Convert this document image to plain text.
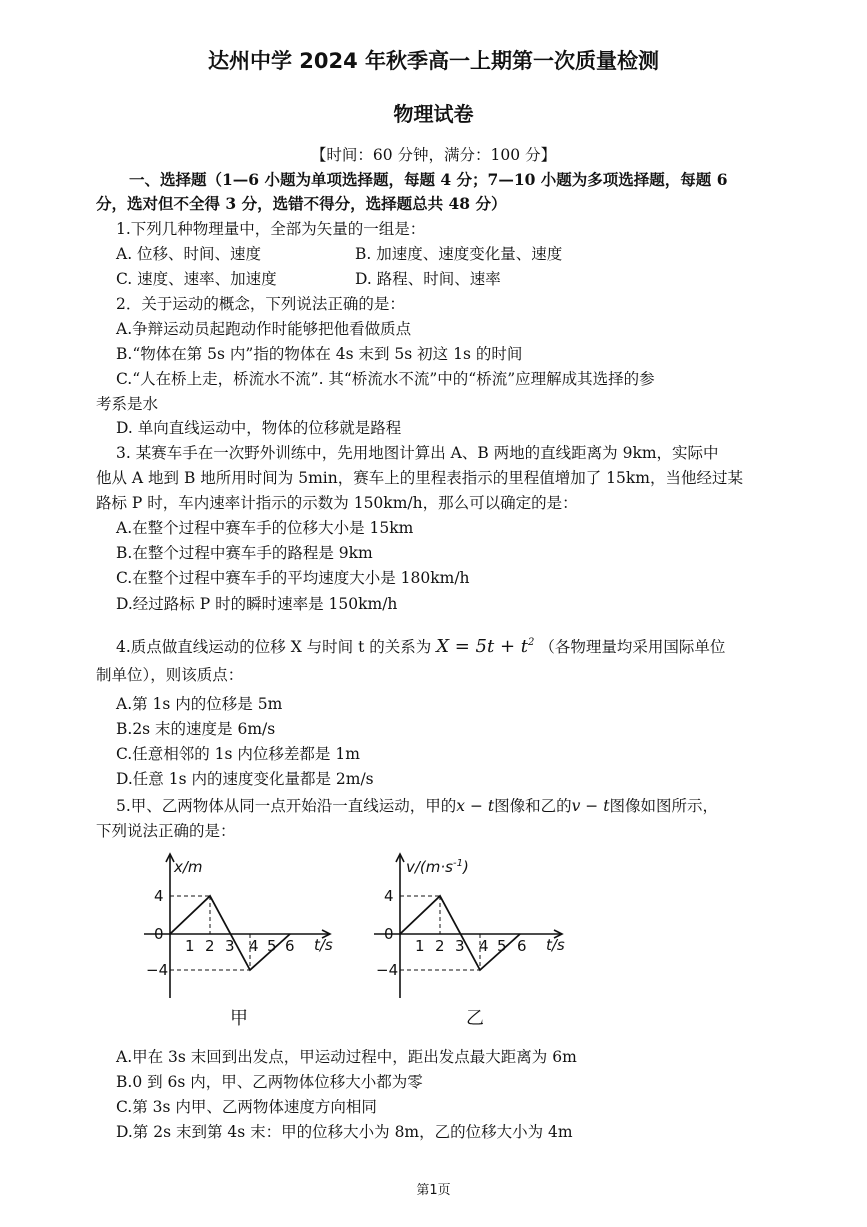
达州中学 2024 年秋季高一上期第一次质量检测
物理试卷
【时间：60 分钟，满分：100 分】
一、选择题（1—6 小题为单项选择题，每题 4 分；7—10 小题为多项选择题，每题 6
分，选对但不全得 3 分，选错不得分，选择题总共 48 分）
1.下列几种物理量中，全部为矢量的一组是：
A. 位移、时间、速度	B. 加速度、速度变化量、速度
C. 速度、速率、加速度	D. 路程、时间、速率
2．关于运动的概念，下列说法正确的是：
A.争辩运动员起跑动作时能够把他看做质点
B.“物体在第 5s 内”指的物体在 4s 末到 5s 初这 1s 的时间
C.“人在桥上走，桥流水不流”. 其“桥流水不流”中的“桥流”应理解成其选择的参
考系是水
D. 单向直线运动中，物体的位移就是路程
3. 某赛车手在一次野外训练中，先用地图计算出 A、B 两地的直线距离为 9km，实际中
他从 A 地到 B 地所用时间为 5min，赛车上的里程表指示的里程值增加了 15km，当他经过某
路标 P 时，车内速率计指示的示数为 150km/h，那么可以确定的是：
A.在整个过程中赛车手的位移大小是 15km
B.在整个过程中赛车手的路程是 9km
C.在整个过程中赛车手的平均速度大小是 180km/h
D.经过路标 P 时的瞬时速率是 150km/h
4.质点做直线运动的位移 X 与时间 t 的关系为 $X = 5t + t^2$ （各物理量均采用国际单位
制单位），则该质点：
A.第 1s 内的位移是 5m
B.2s 末的速度是 6m/s
C.任意相邻的 1s 内位移差都是 1m
D.任意 1s 内的速度变化量都是 2m/s
5.甲、乙两物体从同一点开始沿一直线运动，甲的x − t图像和乙的v − t图像如图所示，
下列说法正确的是：
x/m
t/s
4
0
−4
1 2 3 4 5 6
甲
$v/(m\cdot s^{-1})$
t/s
4
0
−4
1 2 3 4 5 6
乙
A.甲在 3s 末回到出发点，甲运动过程中，距出发点最大距离为 6m
B.0 到 6s 内，甲、乙两物体位移大小都为零
C.第 3s 内甲、乙两物体速度方向相同
D.第 2s 末到第 4s 末：甲的位移大小为 8m，乙的位移大小为 4m
第1页
